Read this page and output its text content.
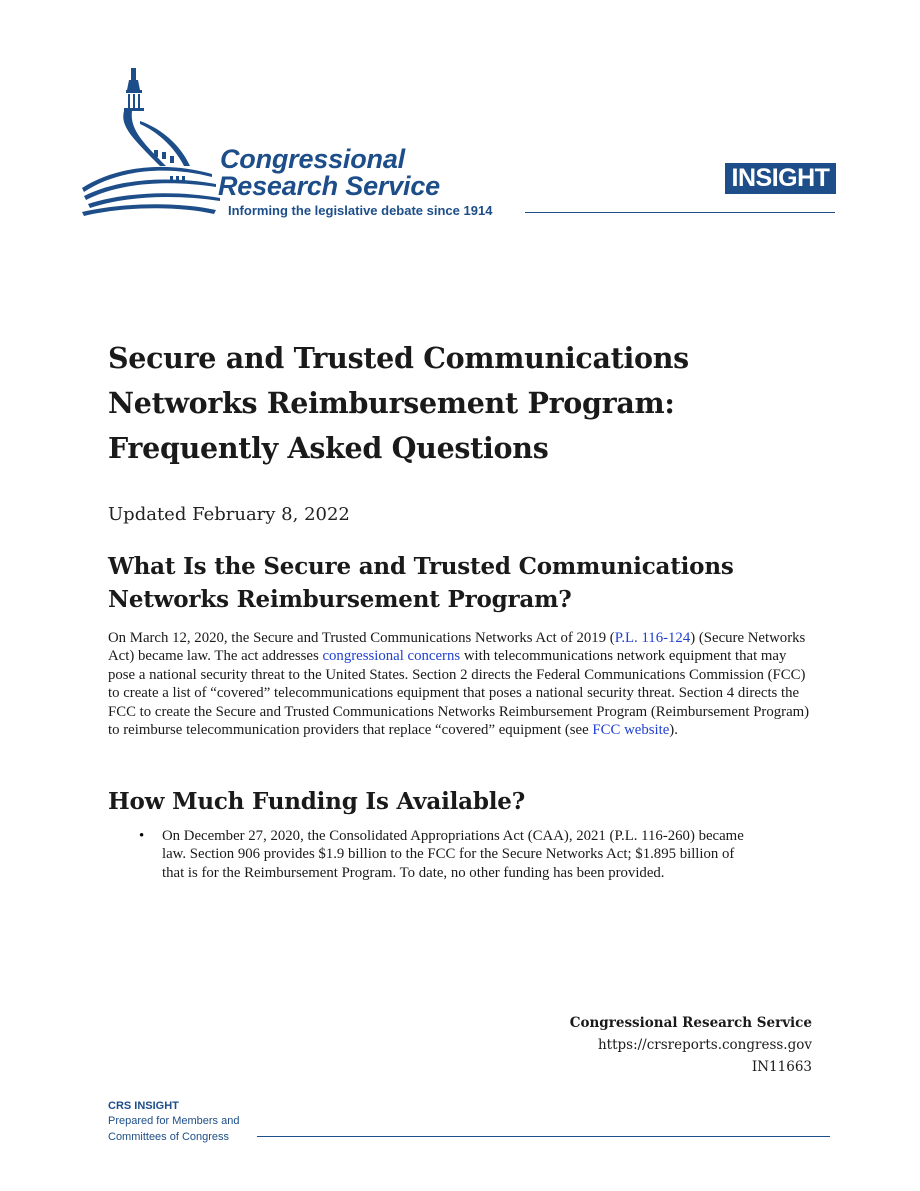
Congressional
Research Service
Informing the legislative debate since 1914
INSIGHT
Secure and Trusted Communications Networks Reimbursement Program: Frequently Asked Questions

Updated February 8, 2022

What Is the Secure and Trusted Communications Networks Reimbursement Program?

On March 12, 2020, the Secure and Trusted Communications Networks Act of 2019 (P.L. 116-124) (Secure Networks Act) became law. The act addresses congressional concerns with telecommunications network equipment that may pose a national security threat to the United States. Section 2 directs the Federal Communications Commission (FCC) to create a list of “covered” telecommunications equipment that poses a national security threat. Section 4 directs the FCC to create the Secure and Trusted Communications Networks Reimbursement Program (Reimbursement Program) to reimburse telecommunication providers that replace “covered” equipment (see FCC website).

How Much Funding Is Available?
• On December 27, 2020, the Consolidated Appropriations Act (CAA), 2021 (P.L. 116-260) became law. Section 906 provides $1.9 billion to the FCC for the Secure Networks Act; $1.895 billion of that is for the Reimbursement Program. To date, no other funding has been provided.
Congressional Research Service
https://crsreports.congress.gov
IN11663
CRS INSIGHT
Prepared for Members and
Committees of Congress
